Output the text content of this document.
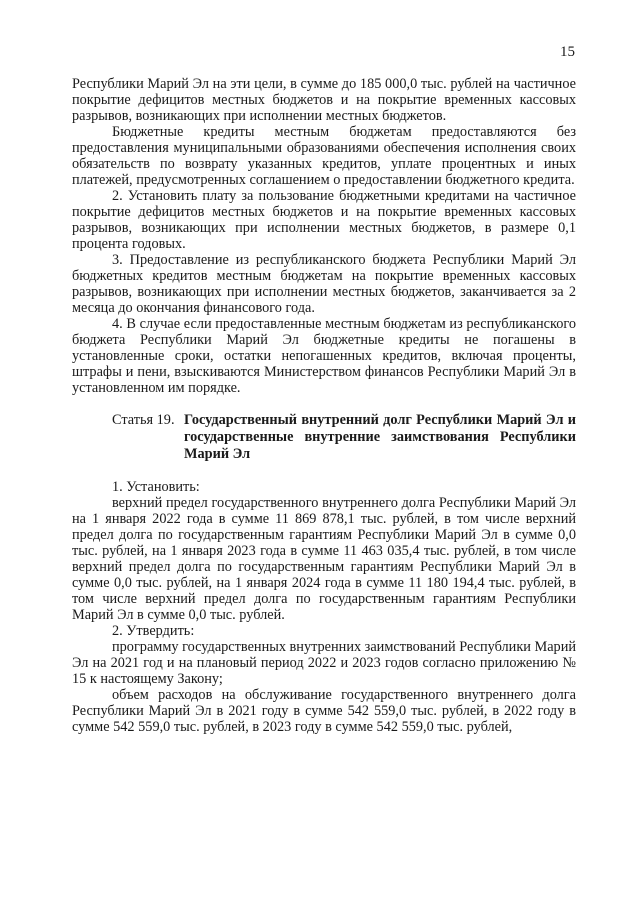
15

Республики Марий Эл на эти цели, в сумме до 185 000,0 тыс. рублей на частичное покрытие дефицитов местных бюджетов и на покрытие временных кассовых разрывов, возникающих при исполнении местных бюджетов.

Бюджетные кредиты местным бюджетам предоставляются без предоставления муниципальными образованиями обеспечения исполнения своих обязательств по возврату указанных кредитов, уплате процентных и иных платежей, предусмотренных соглашением о предоставлении бюджетного кредита.

2. Установить плату за пользование бюджетными кредитами на частичное покрытие дефицитов местных бюджетов и на покрытие временных кассовых разрывов, возникающих при исполнении местных бюджетов, в размере 0,1 процента годовых.

3. Предоставление из республиканского бюджета Республики Марий Эл бюджетных кредитов местным бюджетам на покрытие временных кассовых разрывов, возникающих при исполнении местных бюджетов, заканчивается за 2 месяца до окончания финансового года.

4. В случае если предоставленные местным бюджетам из республиканского бюджета Республики Марий Эл бюджетные кредиты не погашены в установленные сроки, остатки непогашенных кредитов, включая проценты, штрафы и пени, взыскиваются Министерством финансов Республики Марий Эл в установленном им порядке.

Статья 19. Государственный внутренний долг Республики Марий Эл и государственные внутренние заимствования Республики Марий Эл

1. Установить:

верхний предел государственного внутреннего долга Республики Марий Эл на 1 января 2022 года в сумме 11 869 878,1 тыс. рублей, в том числе верхний предел долга по государственным гарантиям Республики Марий Эл в сумме 0,0 тыс. рублей, на 1 января 2023 года в сумме 11 463 035,4 тыс. рублей, в том числе верхний предел долга по государственным гарантиям Республики Марий Эл в сумме 0,0 тыс. рублей, на 1 января 2024 года в сумме 11 180 194,4 тыс. рублей, в том числе верхний предел долга по государственным гарантиям Республики Марий Эл в сумме 0,0 тыс. рублей.

2. Утвердить:

программу государственных внутренних заимствований Республики Марий Эл на 2021 год и на плановый период 2022 и 2023 годов согласно приложению № 15 к настоящему Закону;

объем расходов на обслуживание государственного внутреннего долга Республики Марий Эл в 2021 году в сумме 542 559,0 тыс. рублей, в 2022 году в сумме 542 559,0 тыс. рублей, в 2023 году в сумме 542 559,0 тыс. рублей,
